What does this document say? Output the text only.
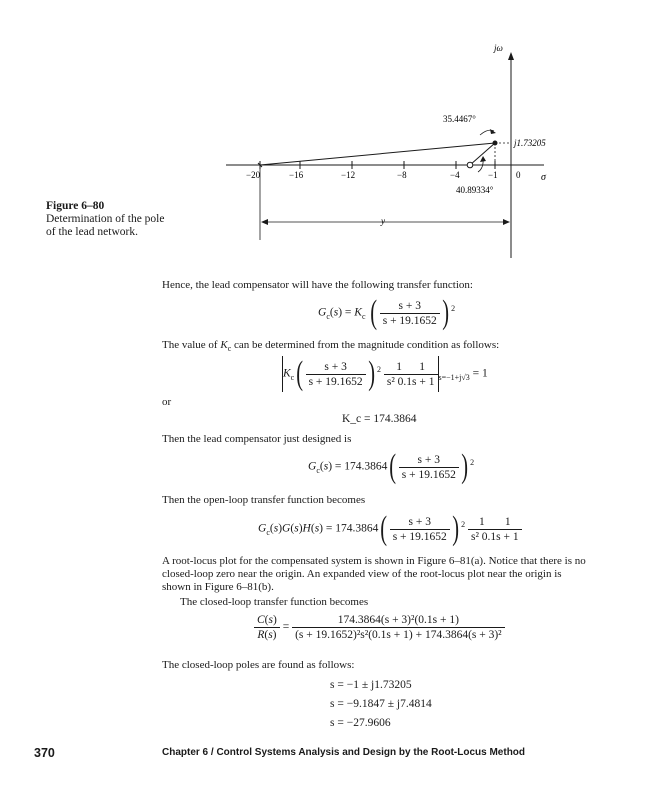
jω
σ
−20	−16	−12	−8	−4	−1 0
35.4467°
40.89334°
j1.73205
y
Figure 6–80
Determination of the pole of the lead network.
Hence, the lead compensator will have the following transfer function:
$G_c(s) = K_c$ ( $\frac{s + 3}{s + 19.1652}$ ) $^2$
The value of $K_c$ can be determined from the magnitude condition as follows:
$K_c( \frac{s + 3}{s + 19.1652}$ ) $^2 \frac{1 1}{\text{s² 0.1s + 1}} _{s=-1+j√3} = 1$
or
K_c = 174.3864
Then the lead compensator just designed is
$G_c(s) = 174.3864( \frac{s + 3}{s + 19.1652}$ ) $^2$
Then the open-loop transfer function becomes
$G_c(s)G(s)H(s) = 174.3864( \frac{s + 3}{s + 19.1652}$ ) $^2 \frac{1 1}{\text{s² 0.1s + 1}}$
A root-locus plot for the compensated system is shown in Figure 6–81(a). Notice that there is no closed-loop zero near the origin. An expanded view of the root-locus plot near the origin is shown in Figure 6–81(b).
The closed-loop transfer function becomes
$\frac{C(s)}{R(s)} = \frac{\text{174.3864(s + 3)²(0.1s + 1)}}{\text{(s + 19.1652)²s²(0.1s + 1) + 174.3864(s + 3)²}}$
The closed-loop poles are found as follows:
s = −1 ± j1.73205
s = −9.1847 ± j7.4814
s = −27.9606
370	Chapter 6 / Control Systems Analysis and Design by the Root-Locus Method
